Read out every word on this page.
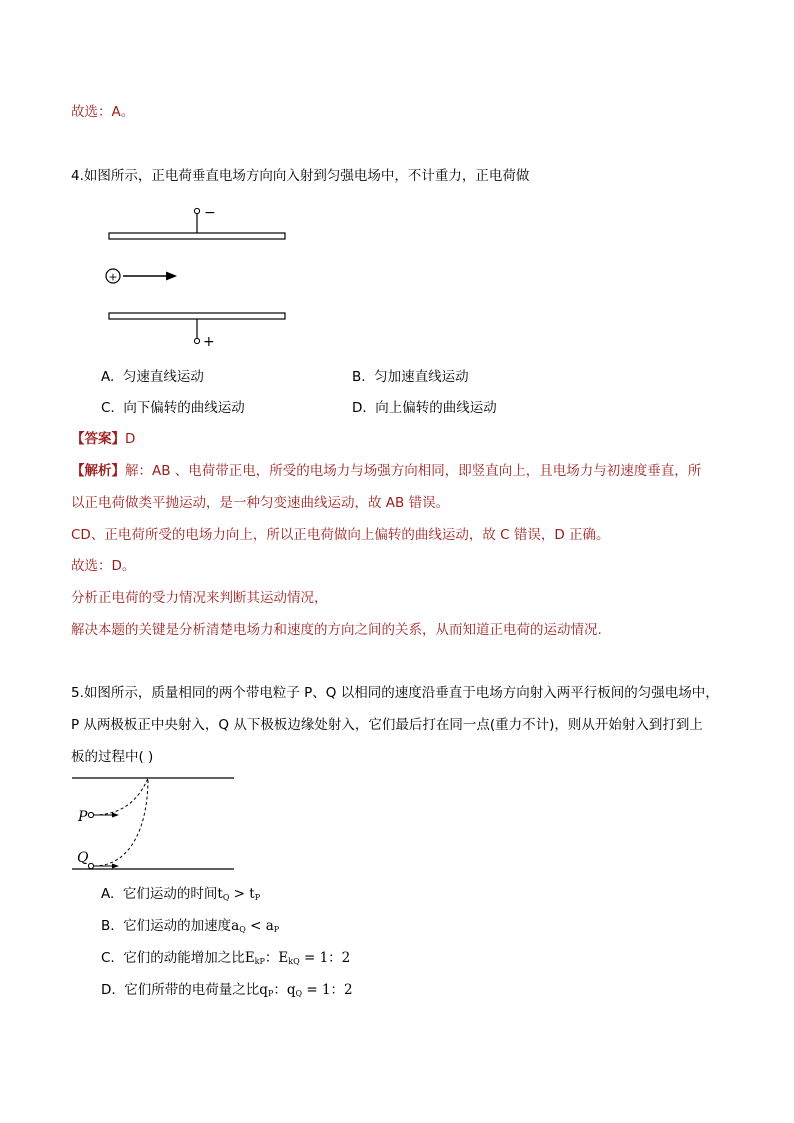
故选：A。
4.如图所示，正电荷垂直电场方向向入射到匀强电场中，不计重力，正电荷做
−
+
+
A. 匀速直线运动	B. 匀加速直线运动
C. 向下偏转的曲线运动	D. 向上偏转的曲线运动
【答案】D
【解析】解：AB 、电荷带正电，所受的电场力与场强方向相同，即竖直向上，且电场力与初速度垂直，所
以正电荷做类平抛运动，是一种匀变速曲线运动，故 AB 错误。
CD、正电荷所受的电场力向上，所以正电荷做向上偏转的曲线运动，故 C 错误，D 正确。
故选：D。
分析正电荷的受力情况来判断其运动情况，
解决本题的关键是分析清楚电场力和速度的方向之间的关系，从而知道正电荷的运动情况.
5.如图所示，质量相同的两个带电粒子 P、Q 以相同的速度沿垂直于电场方向射入两平行板间的匀强电场中，
P 从两极板正中央射入，Q 从下极板边缘处射入，它们最后打在同一点(重力不计)，则从开始射入到打到上
板的过程中( )
P
Q
A. 它们运动的时间$t_Q > t_P$
B. 它们运动的加速度$a_Q < a_P$
C. 它们的动能增加之比$E_{kP}$：$E_{kQ} = 1$：2
D. 它们所带的电荷量之比$q_P$：$q_Q = 1$：2
